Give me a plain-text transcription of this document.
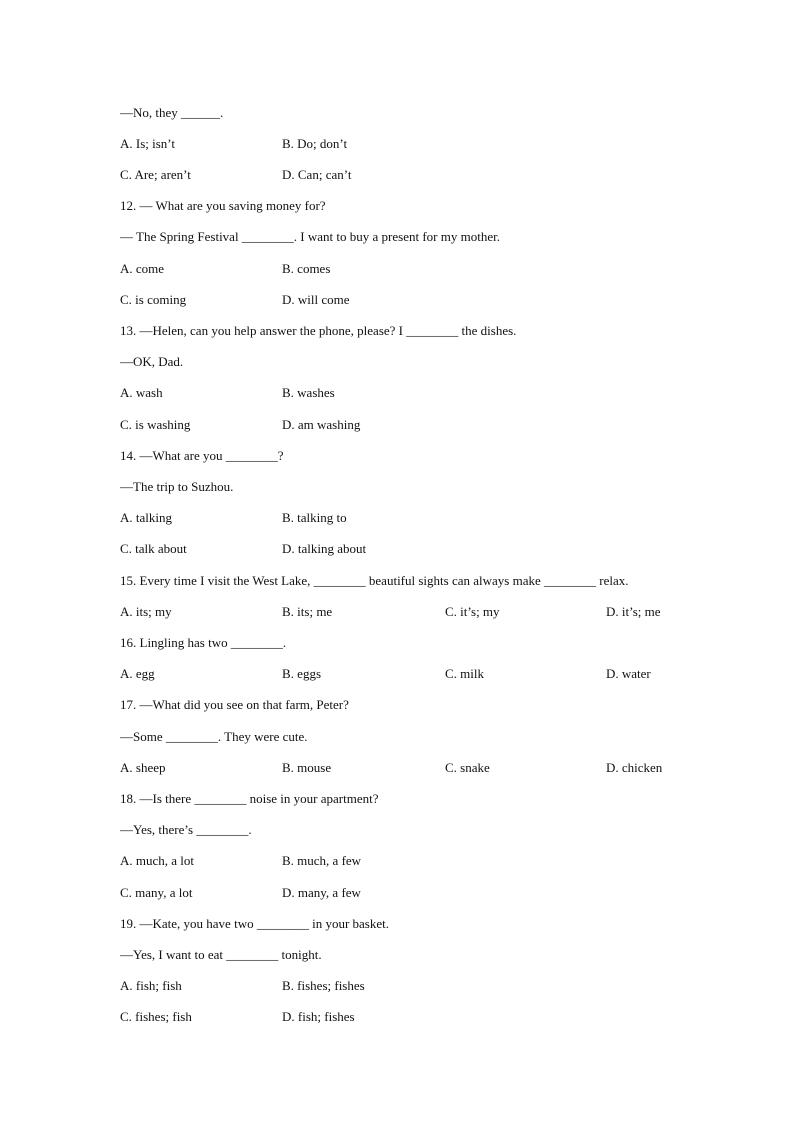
—No, they ______.
A. Is; isn’t	B. Do; don’t
C. Are; aren’t	D. Can; can’t
12. — What are you saving money for?
— The Spring Festival ________. I want to buy a present for my mother.
A. come	B. comes
C. is coming	D. will come
13. —Helen, can you help answer the phone, please? I ________ the dishes.
—OK, Dad.
A. wash	B. washes
C. is washing	D. am washing
14. —What are you ________?
—The trip to Suzhou.
A. talking	B. talking to
C. talk about	D. talking about
15. Every time I visit the West Lake, ________ beautiful sights can always make ________ relax.
A. its; my	B. its; me	C. it’s; my	D. it’s; me
16. Lingling has two ________.
A. egg	B. eggs	C. milk	D. water
17. —What did you see on that farm, Peter?
—Some ________. They were cute.
A. sheep	B. mouse	C. snake	D. chicken
18. —Is there ________ noise in your apartment?
—Yes, there’s ________.
A. much, a lot	B. much, a few
C. many, a lot	D. many, a few
19. —Kate, you have two ________ in your basket.
—Yes, I want to eat ________ tonight.
A. fish; fish	B. fishes; fishes
C. fishes; fish	D. fish; fishes
